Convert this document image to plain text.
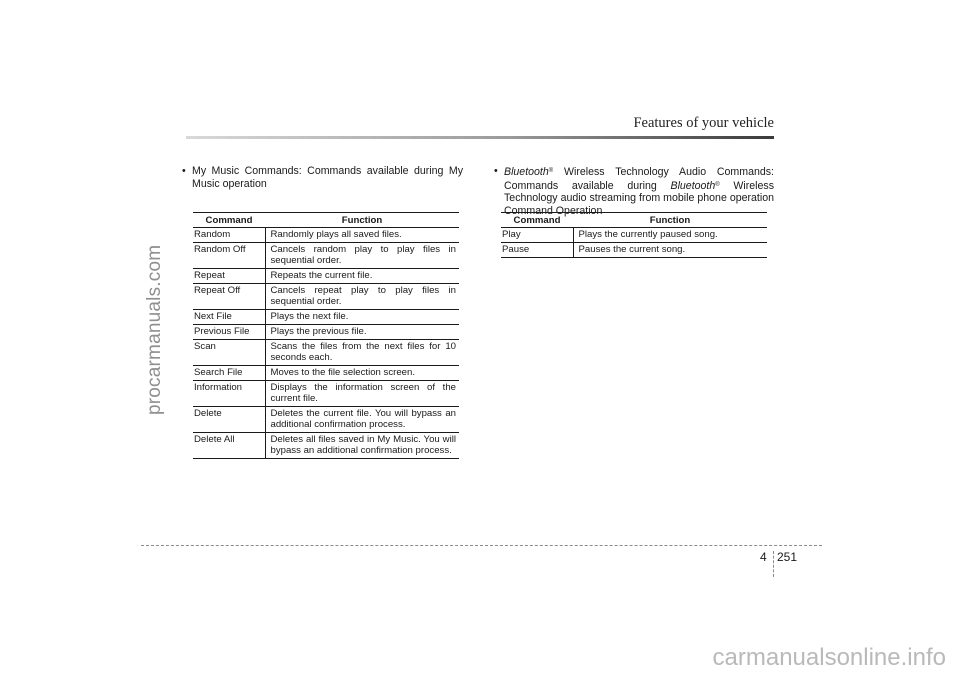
Features of your vehicle
procarmanuals.com
• My Music Commands: Commands available during My Music operation
Command	Function
Random	Randomly plays all saved files.
Random Off	Cancels random play to play files in sequential order.
Repeat	Repeats the current file.
Repeat Off	Cancels repeat play to play files in sequential order.
Next File	Plays the next file.
Previous File	Plays the previous file.
Scan	Scans the files from the next files for 10 seconds each.
Search File	Moves to the file selection screen.
Information	Displays the information screen of the current file.
Delete	Deletes the current file. You will bypass an additional confirmation process.
Delete All	Deletes all files saved in My Music. You will bypass an additional confirmation process.
• Bluetooth® Wireless Technology Audio Commands: Commands available during Bluetooth® Wireless Technology audio streaming from mobile phone operation Command Operation
Command	Function
Play	Plays the currently paused song.
Pause	Pauses the current song.
4 251
carmanualsonline.info
